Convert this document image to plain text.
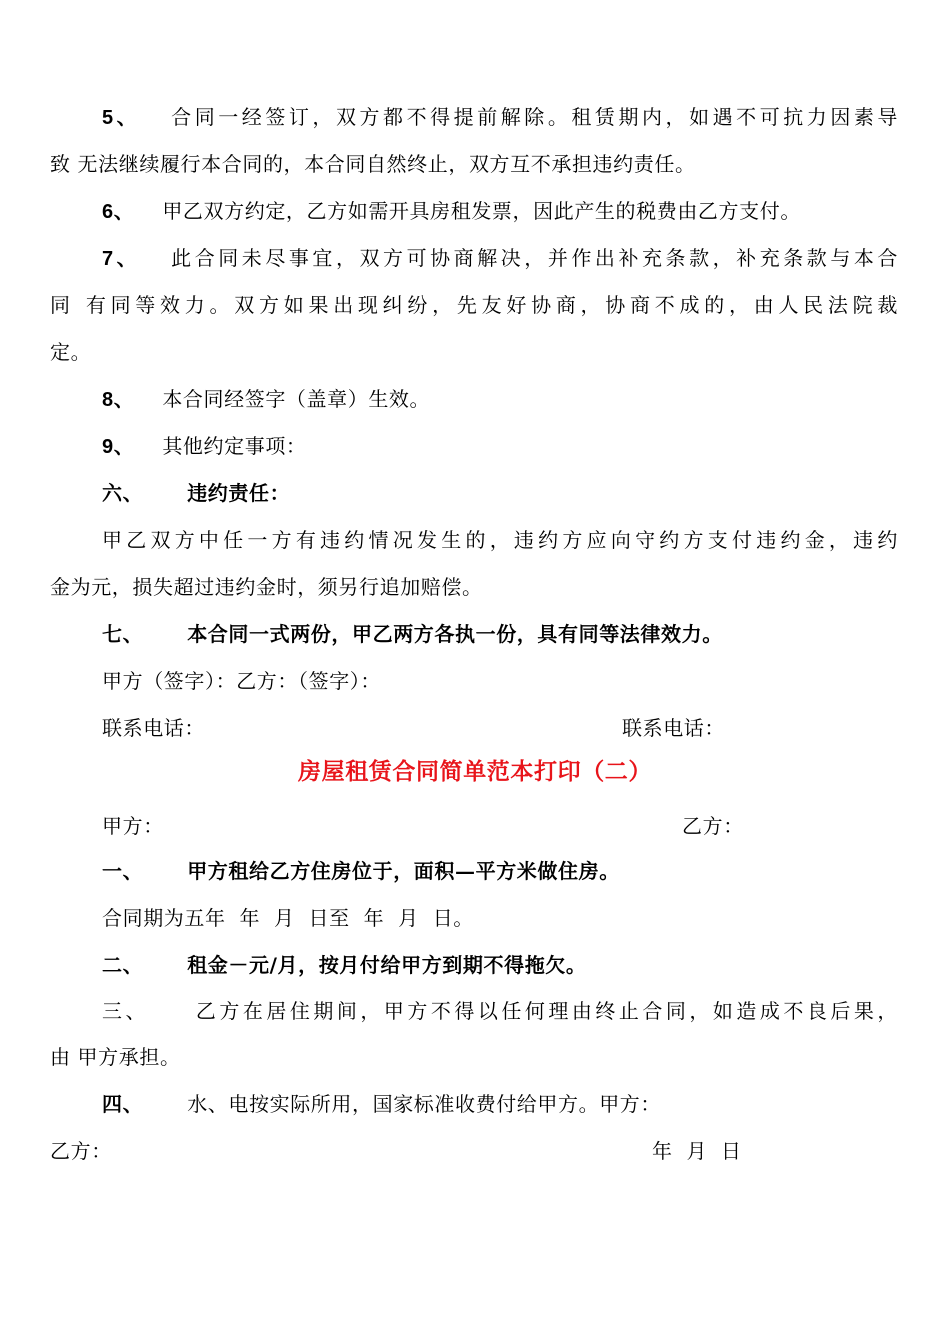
5、 合同一经签订，双方都不得提前解除。租赁期内，如遇不可抗力因素导
致 无法继续履行本合同的，本合同自然终止，双方互不承担违约责任。
6、 甲乙双方约定，乙方如需开具房租发票，因此产生的税费由乙方支付。
7、 此合同未尽事宜，双方可协商解决，并作出补充条款，补充条款与本合
同 有同等效力。双方如果出现纠纷，先友好协商，协商不成的，由人民法院裁
定。
8、 本合同经签字（盖章）生效。
9、 其他约定事项：
六、 违约责任：
甲乙双方中任一方有违约情况发生的，违约方应向守约方支付违约金，违约
金为元，损失超过违约金时，须另行追加赔偿。
七、 本合同一式两份，甲乙两方各执一份，具有同等法律效力。
甲方（签字）：乙方：（签字）：
联系电话：	联系电话：
房屋租赁合同简单范本打印（二）
甲方：	乙方：
一、 甲方租给乙方住房位于，面积—平方米做住房。
合同期为五年  年  月  日至  年  月  日。
二、 租金－元/月，按月付给甲方到期不得拖欠。
三、 乙方在居住期间，甲方不得以任何理由终止合同，如造成不良后果，
由 甲方承担。
四、 水、电按实际所用，国家标准收费付给甲方。甲方：
乙方：	年  月  日
